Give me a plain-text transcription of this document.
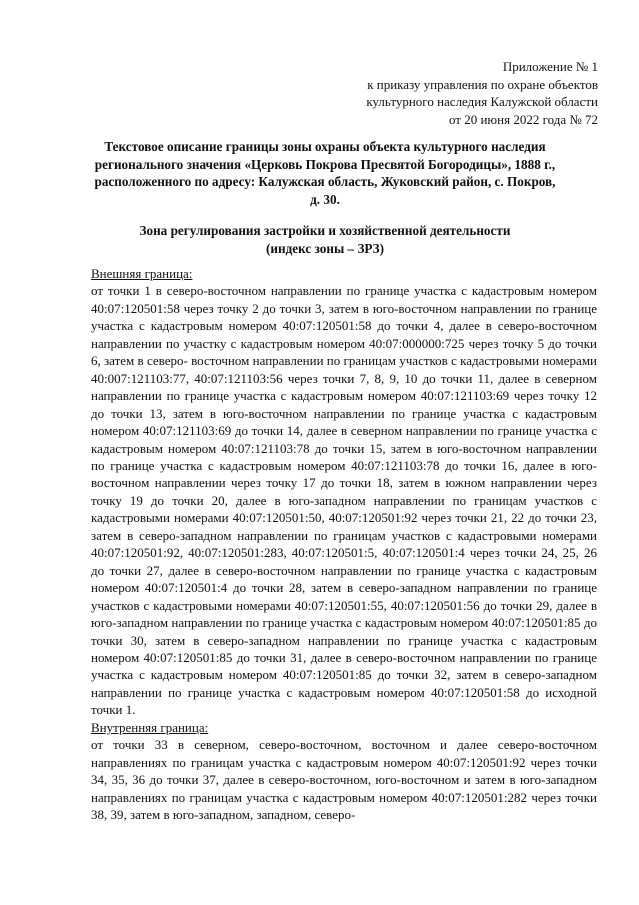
Приложение № 1
к приказу управления по охране объектов
культурного наследия Калужской области
от 20 июня 2022 года № 72
Текстовое описание границы зоны охраны объекта культурного наследия регионального значения «Церковь Покрова Пресвятой Богородицы», 1888 г., расположенного по адресу: Калужская область, Жуковский район, с. Покров, д. 30.
Зона регулирования застройки и хозяйственной деятельности
(индекс зоны – ЗРЗ)
Внешняя граница:
от точки 1 в северо-восточном направлении по границе участка с кадастровым номером 40:07:120501:58 через точку 2 до точки 3, затем в юго-восточном направлении по границе участка с кадастровым номером 40:07:120501:58 до точки 4, далее в северо-восточном направлении по участку с кадастровым номером 40:07:000000:725 через точку 5 до точки 6, затем в северо- восточном направлении по границам участков с кадастровыми номерами 40:007:121103:77, 40:07:121103:56 через точки 7, 8, 9, 10 до точки 11, далее в северном направлении по границе участка с кадастровым номером 40:07:121103:69 через точку 12 до точки 13, затем в юго-восточном направлении по границе участка с кадастровым номером 40:07:121103:69 до точки 14, далее в северном направлении по границе участка с кадастровым номером 40:07:121103:78 до точки 15, затем в юго-восточном направлении по границе участка с кадастровым номером 40:07:121103:78 до точки 16, далее в юго-восточном направлении через точку 17 до точки 18, затем в южном направлении через точку 19 до точки 20, далее в юго-западном направлении по границам участков с кадастровыми номерами 40:07:120501:50, 40:07:120501:92 через точки 21, 22 до точки 23, затем в северо-западном направлении по границам участков с кадастровыми номерами 40:07:120501:92, 40:07:120501:283, 40:07:120501:5, 40:07:120501:4 через точки 24, 25, 26 до точки 27, далее в северо-восточном направлении по границе участка с кадастровым номером 40:07:120501:4 до точки 28, затем в северо-западном направлении по границе участков с кадастровыми номерами 40:07:120501:55, 40:07:120501:56 до точки 29, далее в юго-западном направлении по границе участка с кадастровым номером 40:07:120501:85 до точки 30, затем в северо-западном направлении по границе участка с кадастровым номером 40:07:120501:85 до точки 31, далее в северо-восточном направлении по границе участка с кадастровым номером 40:07:120501:85 до точки 32, затем в северо-западном направлении по границе участка с кадастровым номером 40:07:120501:58 до исходной точки 1.
Внутренняя граница:
от точки 33 в северном, северо-восточном, восточном и далее северо-восточном направлениях по границам участка с кадастровым номером 40:07:120501:92 через точки 34, 35, 36 до точки 37, далее в северо-восточном, юго-восточном и затем в юго-западном направлениях по границам участка с кадастровым номером 40:07:120501:282 через точки 38, 39, затем в юго-западном, западном, северо-
